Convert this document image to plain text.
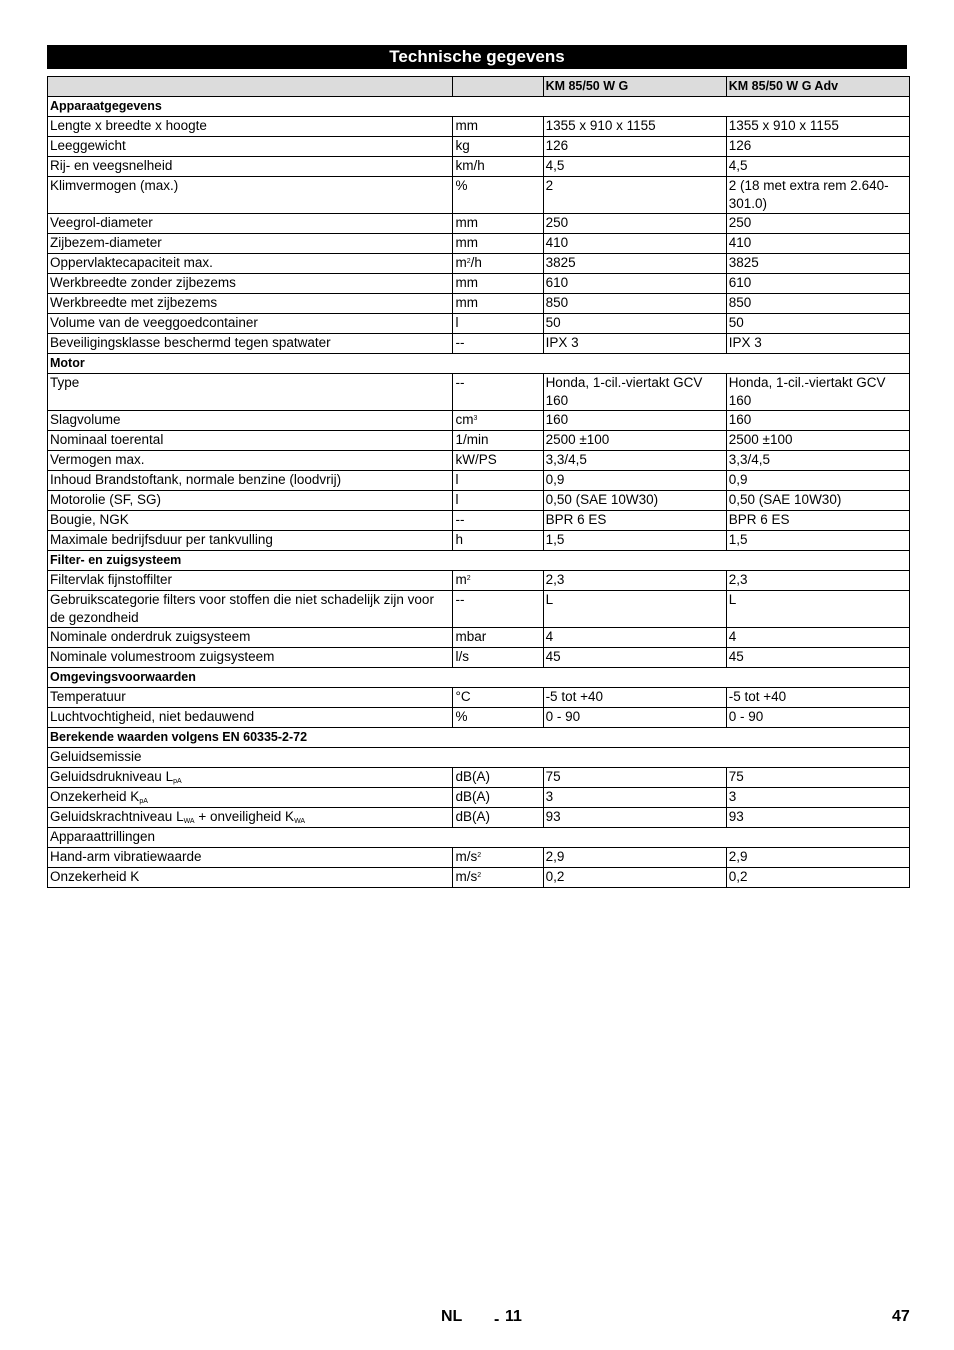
Technische gegevens
		KM 85/50 W G	KM 85/50 W G Adv
Apparaatgegevens			
Lengte x breedte x hoogte	mm	1355 x 910 x 1155	1355 x 910 x 1155
Leeggewicht	kg	126	126
Rij- en veegsnelheid	km/h	4,5	4,5
Klimvermogen (max.)	%	2	2 (18 met extra rem 2.640-301.0)
Veegrol-diameter	mm	250	250
Zijbezem-diameter	mm	410	410
Oppervlaktecapaciteit max.	$m^2/h$	3825	3825
Werkbreedte zonder zijbezems	mm	610	610
Werkbreedte met zijbezems	mm	850	850
Volume van de veeggoedcontainer	l	50	50
Beveiligingsklasse beschermd tegen spatwater	--	IPX 3	IPX 3
Motor			
Type	--	Honda, 1-cil.-viertakt GCV 160	Honda, 1-cil.-viertakt GCV 160
Slagvolume	$cm^3$	160	160
Nominaal toerental	1/min	2500 ±100	2500 ±100
Vermogen max.	kW/PS	3,3/4,5	3,3/4,5
Inhoud Brandstoftank, normale benzine (loodvrij)	l	0,9	0,9
Motorolie (SF, SG)	l	0,50 (SAE 10W30)	0,50 (SAE 10W30)
Bougie, NGK	--	BPR 6 ES	BPR 6 ES
Maximale bedrijfsduur per tankvulling	h	1,5	1,5
Filter- en zuigsysteem			
Filtervlak fijnstoffilter	$m^2$	2,3	2,3
Gebruikscategorie filters voor stoffen die niet schadelijk zijn voor de gezondheid	--	L	L
Nominale onderdruk zuigsysteem	mbar	4	4
Nominale volumestroom zuigsysteem	l/s	45	45
Omgevingsvoorwaarden			
Temperatuur	°C	-5 tot +40	-5 tot +40
Luchtvochtigheid, niet bedauwend	%	0 - 90	0 - 90
Berekende waarden volgens EN 60335-2-72			
Geluidsemissie			
Geluidsdrukniveau $L_{pA}$	dB(A)	75	75
Onzekerheid $K_{pA}$	dB(A)	3	3
Geluidskrachtniveau $L_{WA}$ + onveiligheid $K_{WA}$	dB(A)	93	93
Apparaattrillingen			
Hand-arm vibratiewaarde	$m/s^2$	2,9	2,9
Onzekerheid K	$m/s^2$	0,2	0,2
NL - 11	47
